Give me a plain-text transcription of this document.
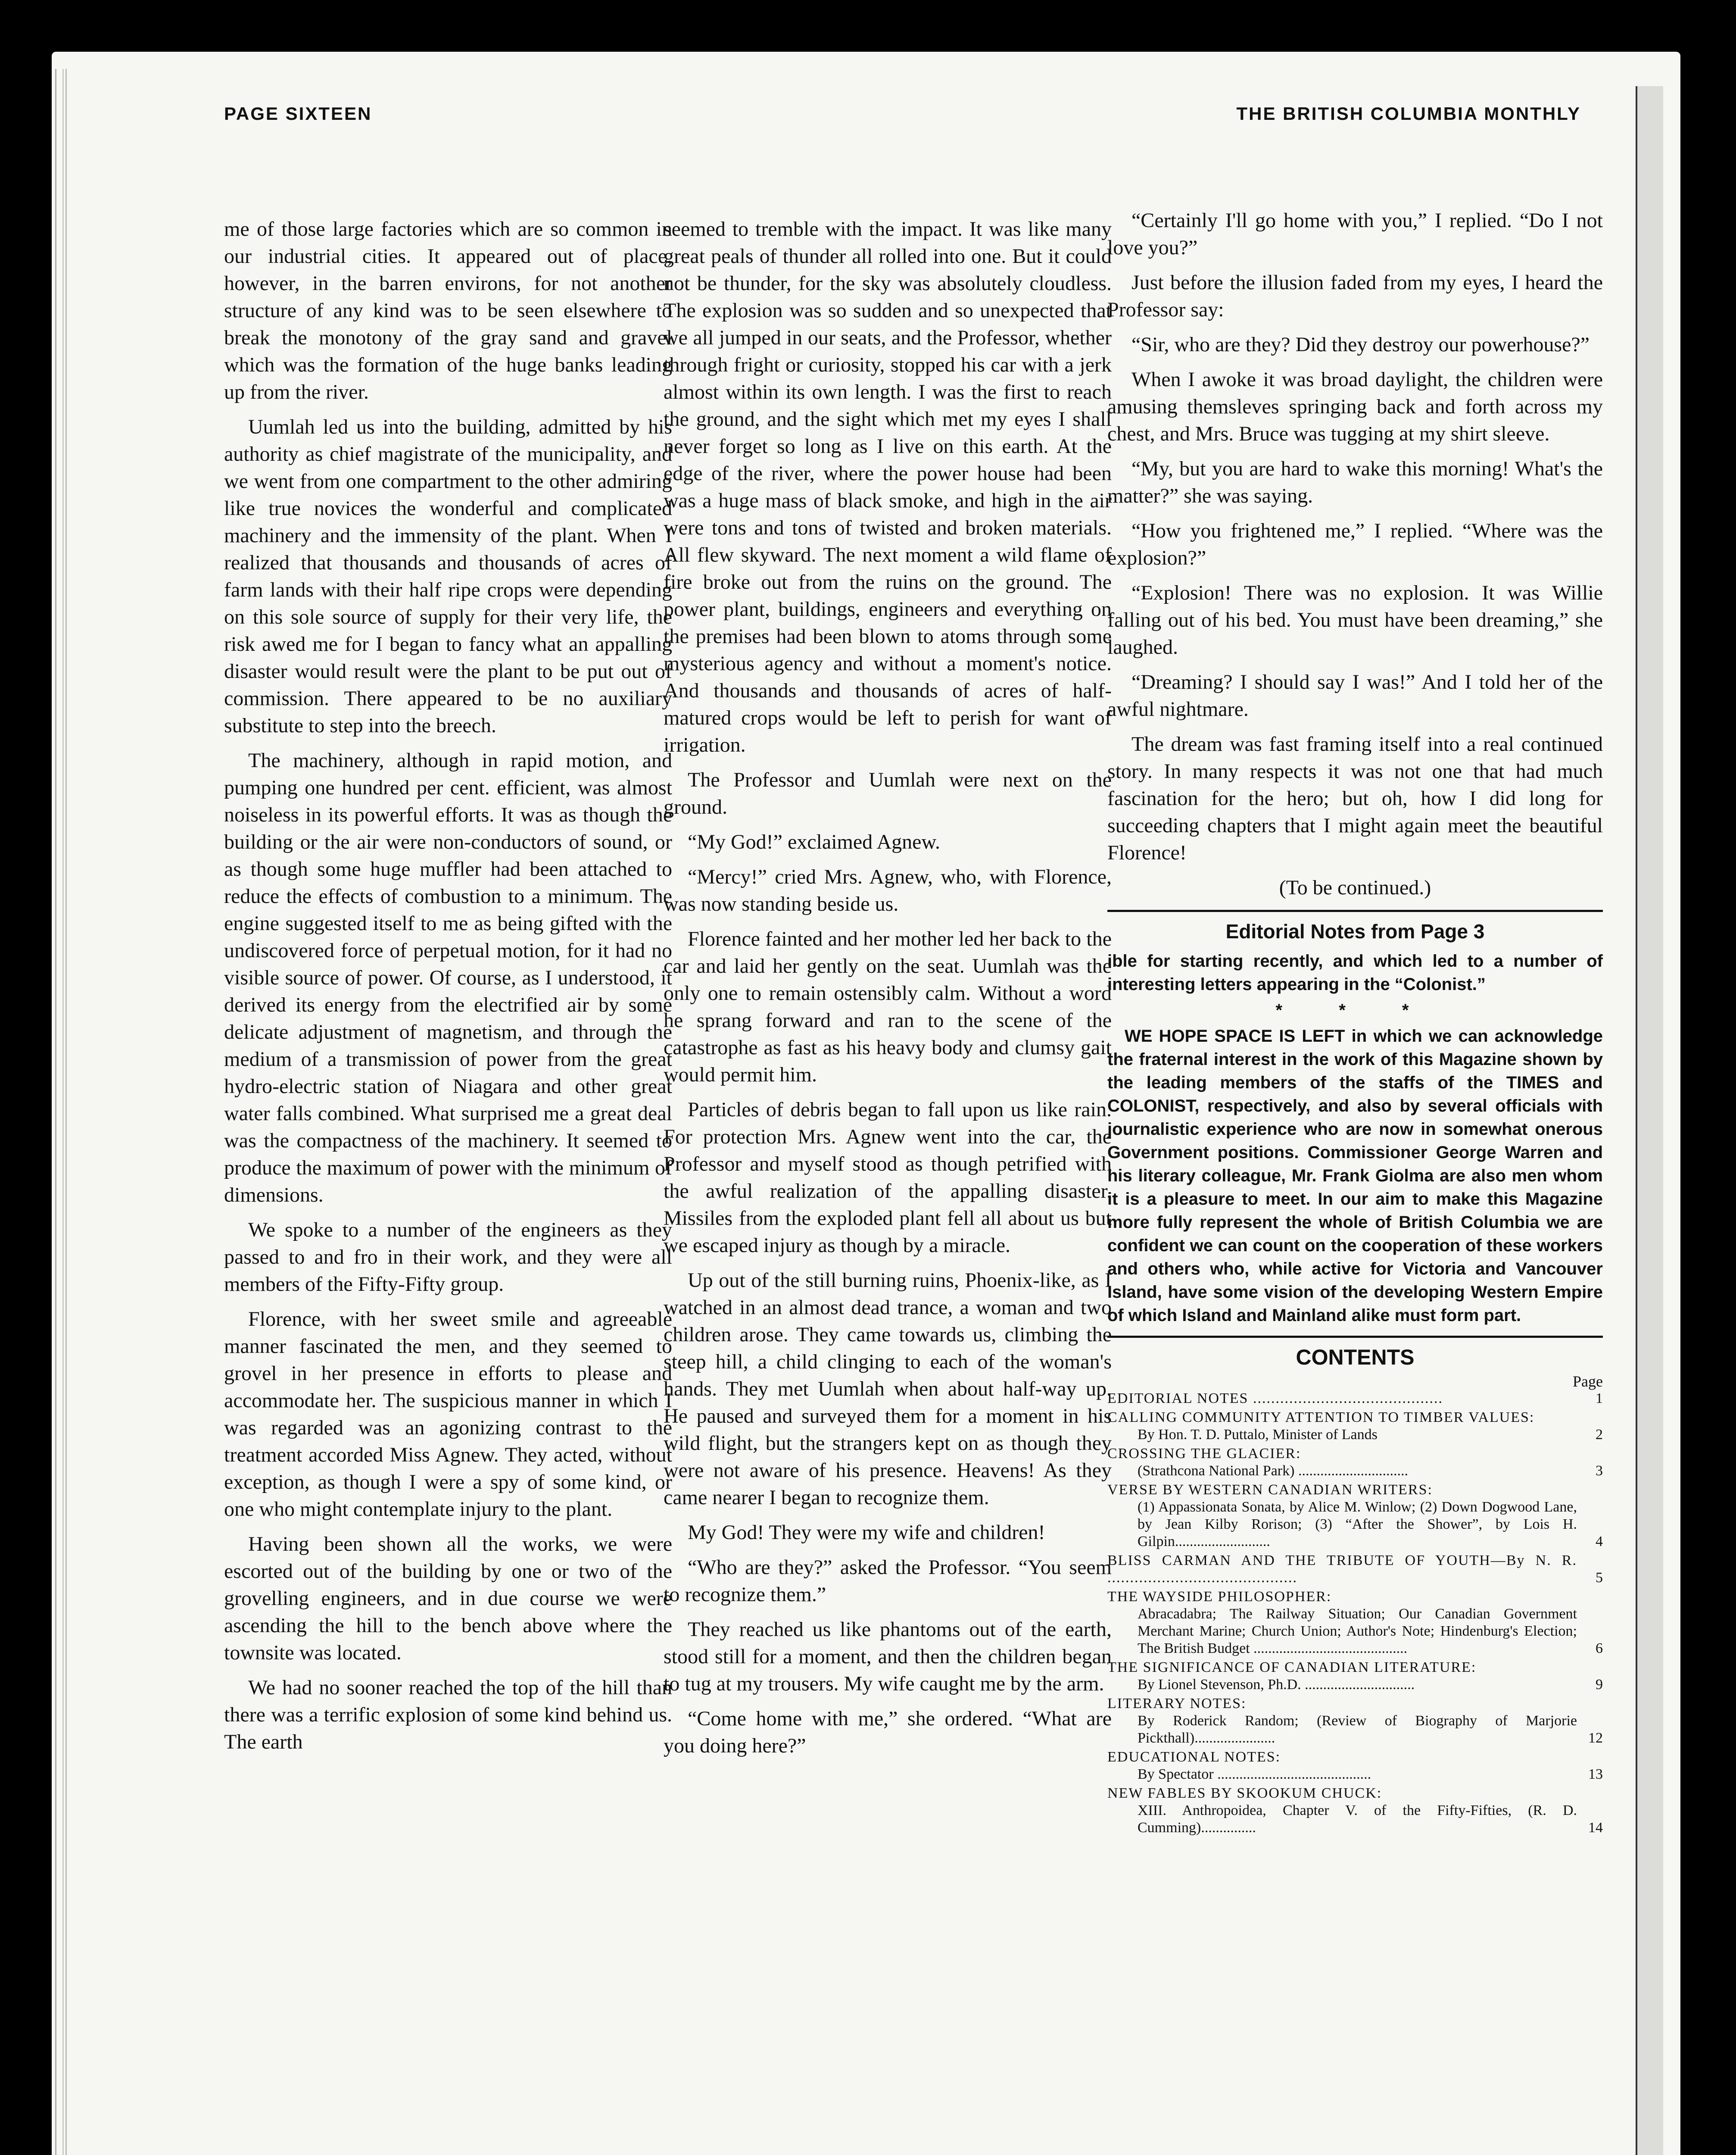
PAGE SIXTEEN	THE BRITISH COLUMBIA MONTHLY

me of those large factories which are so common in our industrial cities. It appeared out of place, however, in the barren environs, for not another structure of any kind was to be seen elsewhere to break the monotony of the gray sand and gravel which was the formation of the huge banks leading up from the river.

Uumlah led us into the building, admitted by his authority as chief magistrate of the municipality, and we went from one compartment to the other admiring like true novices the wonderful and complicated machinery and the immensity of the plant. When I realized that thousands and thousands of acres of farm lands with their half ripe crops were depending on this sole source of supply for their very life, the risk awed me for I began to fancy what an appalling disaster would result were the plant to be put out of commission. There appeared to be no auxiliary substitute to step into the breech.

The machinery, although in rapid motion, and pumping one hundred per cent. efficient, was almost noiseless in its powerful efforts. It was as though the building or the air were non-conductors of sound, or as though some huge muffler had been attached to reduce the effects of combustion to a minimum. The engine suggested itself to me as being gifted with the undiscovered force of perpetual motion, for it had no visible source of power. Of course, as I understood, it derived its energy from the electrified air by some delicate adjustment of magnetism, and through the medium of a transmission of power from the great hydro-electric station of Niagara and other great water falls combined. What surprised me a great deal was the compactness of the machinery. It seemed to produce the maximum of power with the minimum of dimensions.

We spoke to a number of the engineers as they passed to and fro in their work, and they were all members of the Fifty-Fifty group.

Florence, with her sweet smile and agreeable manner fascinated the men, and they seemed to grovel in her presence in efforts to please and accommodate her. The suspicious manner in which I was regarded was an agonizing contrast to the treatment accorded Miss Agnew. They acted, without exception, as though I were a spy of some kind, or one who might contemplate injury to the plant.

Having been shown all the works, we were escorted out of the building by one or two of the grovelling engineers, and in due course we were ascending the hill to the bench above where the townsite was located.

We had no sooner reached the top of the hill than there was a terrific explosion of some kind behind us. The earth

seemed to tremble with the impact. It was like many great peals of thunder all rolled into one. But it could not be thunder, for the sky was absolutely cloudless. The explosion was so sudden and so unexpected that we all jumped in our seats, and the Professor, whether through fright or curiosity, stopped his car with a jerk almost within its own length. I was the first to reach the ground, and the sight which met my eyes I shall never forget so long as I live on this earth. At the edge of the river, where the power house had been was a huge mass of black smoke, and high in the air were tons and tons of twisted and broken materials. All flew skyward. The next moment a wild flame of fire broke out from the ruins on the ground. The power plant, buildings, engineers and everything on the premises had been blown to atoms through some mysterious agency and without a moment's notice. And thousands and thousands of acres of half-matured crops would be left to perish for want of irrigation.

The Professor and Uumlah were next on the ground.

“My God!” exclaimed Agnew.

“Mercy!” cried Mrs. Agnew, who, with Florence, was now standing beside us.

Florence fainted and her mother led her back to the car and laid her gently on the seat. Uumlah was the only one to remain ostensibly calm. Without a word he sprang forward and ran to the scene of the catastrophe as fast as his heavy body and clumsy gait would permit him.

Particles of debris began to fall upon us like rain. For protection Mrs. Agnew went into the car, the Professor and myself stood as though petrified with the awful realization of the appalling disaster. Missiles from the exploded plant fell all about us but we escaped injury as though by a miracle.

Up out of the still burning ruins, Phoenix-like, as I watched in an almost dead trance, a woman and two children arose. They came towards us, climbing the steep hill, a child clinging to each of the woman's hands. They met Uumlah when about half-way up. He paused and surveyed them for a moment in his wild flight, but the strangers kept on as though they were not aware of his presence. Heavens! As they came nearer I began to recognize them.

My God! They were my wife and children!

“Who are they?” asked the Professor. “You seem to recognize them.”

They reached us like phantoms out of the earth, stood still for a moment, and then the children began to tug at my trousers. My wife caught me by the arm.

“Come home with me,” she ordered. “What are you doing here?”

“Certainly I'll go home with you,” I replied. “Do I not love you?”

Just before the illusion faded from my eyes, I heard the Professor say:

“Sir, who are they? Did they destroy our powerhouse?”

When I awoke it was broad daylight, the children were amusing themsleves springing back and forth across my chest, and Mrs. Bruce was tugging at my shirt sleeve.

“My, but you are hard to wake this morning! What's the matter?” she was saying.

“How you frightened me,” I replied. “Where was the explosion?”

“Explosion! There was no explosion. It was Willie falling out of his bed. You must have been dreaming,” she laughed.

“Dreaming? I should say I was!” And I told her of the awful nightmare.

The dream was fast framing itself into a real continued story. In many respects it was not one that had much fascination for the hero; but oh, how I did long for succeeding chapters that I might again meet the beautiful Florence!

(To be continued.)

Editorial Notes from Page 3

ible for starting recently, and which led to a number of interesting letters appearing in the “Colonist.”

* * *

WE HOPE SPACE IS LEFT in which we can acknowledge the fraternal interest in the work of this Magazine shown by the leading members of the staffs of the TIMES and COLONIST, respectively, and also by several officials with journalistic experience who are now in somewhat onerous Government positions. Commissioner George Warren and his literary colleague, Mr. Frank Giolma are also men whom it is a pleasure to meet. In our aim to make this Magazine more fully represent the whole of British Columbia we are confident we can count on the cooperation of these workers and others who, while active for Victoria and Vancouver Island, have some vision of the developing Western Empire of which Island and Mainland alike must form part.

CONTENTS
Page
EDITORIAL NOTES ..........................................	1
CALLING COMMUNITY ATTENTION TO TIMBER VALUES:
By Hon. T. D. Puttalo, Minister of Lands	2
CROSSING THE GLACIER:
(Strathcona National Park) ..............................	3
VERSE BY WESTERN CANADIAN WRITERS:
(1) Appassionata Sonata, by Alice M. Winlow; (2) Down Dogwood Lane, by Jean Kilby Rorison; (3) “After the Shower”, by Lois H. Gilpin..........................	4
BLISS CARMAN AND THE TRIBUTE OF YOUTH—By N. R. ..........................................	5
THE WAYSIDE PHILOSOPHER:
Abracadabra; The Railway Situation; Our Canadian Government Merchant Marine; Church Union; Author's Note; Hindenburg's Election; The British Budget ..........................................	6
THE SIGNIFICANCE OF CANADIAN LITERATURE:
By Lionel Stevenson, Ph.D. ..............................	9
LITERARY NOTES:
By Roderick Random; (Review of Biography of Marjorie Pickthall)......................	12
EDUCATIONAL NOTES:
By Spectator ..........................................	13
NEW FABLES BY SKOOKUM CHUCK:
XIII. Anthropoidea, Chapter V. of the Fifty-Fifties, (R. D. Cumming)...............	14
